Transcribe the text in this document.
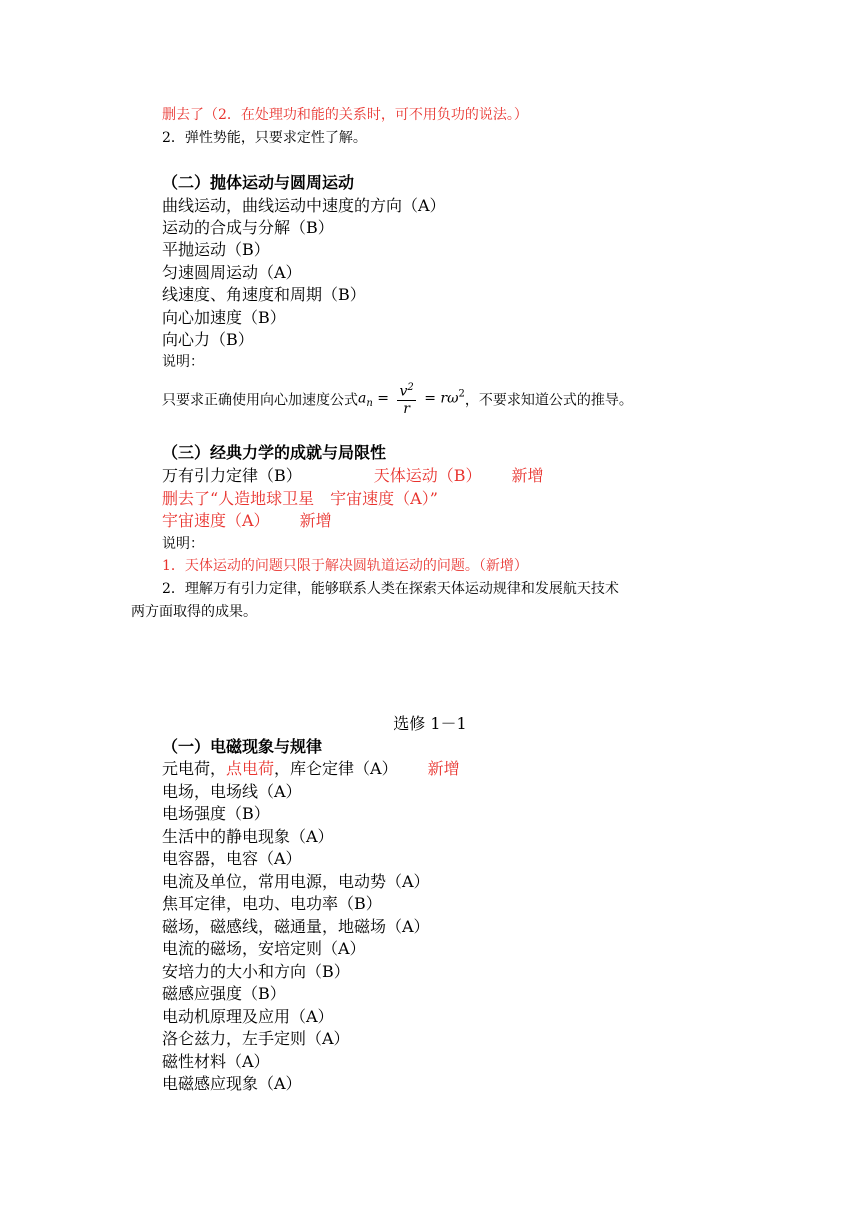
删去了（2．在处理功和能的关系时，可不用负功的说法。）
2．弹性势能，只要求定性了解。
（二）抛体运动与圆周运动
曲线运动，曲线运动中速度的方向（A）
运动的合成与分解（B）
平抛运动（B）
匀速圆周运动（A）
线速度、角速度和周期（B）
向心加速度（B）
向心力（B）
说明：
只要求正确使用向心加速度公式$a_n = \frac{v^2}{r} = r\omega^2$，不要求知道公式的推导。
（三）经典力学的成就与局限性
万有引力定律（B）	天体运动（B） 新增
删去了“人造地球卫星　宇宙速度（A）”
宇宙速度（A） 新增
说明：
1．天体运动的问题只限于解决圆轨道运动的问题。（新增）
2．理解万有引力定律，能够联系人类在探索天体运动规律和发展航天技术
两方面取得的成果。
选修 1－1
（一）电磁现象与规律
元电荷，点电荷，库仑定律（A） 新增
电场，电场线（A）
电场强度（B）
生活中的静电现象（A）
电容器，电容（A）
电流及单位，常用电源，电动势（A）
焦耳定律，电功、电功率（B）
磁场，磁感线，磁通量，地磁场（A）
电流的磁场，安培定则（A）
安培力的大小和方向（B）
磁感应强度（B）
电动机原理及应用（A）
洛仑兹力，左手定则（A）
磁性材料（A）
电磁感应现象（A）
